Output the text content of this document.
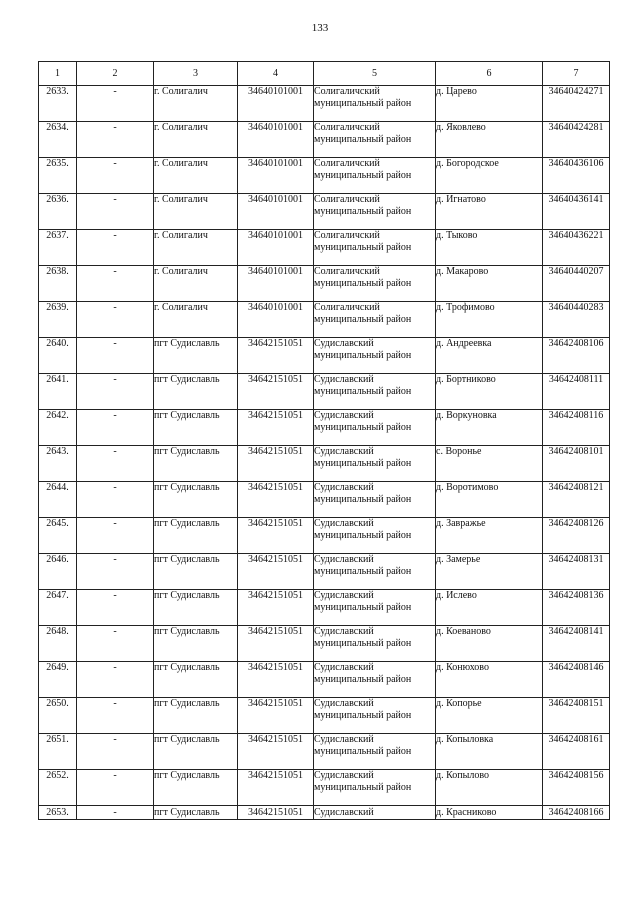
133
1	2	3	4	5	6	7
2633.	-	г. Солигалич	34640101001	Солигаличский муниципальный район	д. Царево	34640424271
2634.	-	г. Солигалич	34640101001	Солигаличский муниципальный район	д. Яковлево	34640424281
2635.	-	г. Солигалич	34640101001	Солигаличский муниципальный район	д. Богородское	34640436106
2636.	-	г. Солигалич	34640101001	Солигаличский муниципальный район	д. Игнатово	34640436141
2637.	-	г. Солигалич	34640101001	Солигаличский муниципальный район	д. Тыково	34640436221
2638.	-	г. Солигалич	34640101001	Солигаличский муниципальный район	д. Макарово	34640440207
2639.	-	г. Солигалич	34640101001	Солигаличский муниципальный район	д. Трофимово	34640440283
2640.	-	пгт Судиславль	34642151051	Судиславский муниципальный район	д. Андреевка	34642408106
2641.	-	пгт Судиславль	34642151051	Судиславский муниципальный район	д. Бортниково	34642408111
2642.	-	пгт Судиславль	34642151051	Судиславский муниципальный район	д. Воркуновка	34642408116
2643.	-	пгт Судиславль	34642151051	Судиславский муниципальный район	с. Воронье	34642408101
2644.	-	пгт Судиславль	34642151051	Судиславский муниципальный район	д. Воротимово	34642408121
2645.	-	пгт Судиславль	34642151051	Судиславский муниципальный район	д. Завражье	34642408126
2646.	-	пгт Судиславль	34642151051	Судиславский муниципальный район	д. Замерье	34642408131
2647.	-	пгт Судиславль	34642151051	Судиславский муниципальный район	д. Ислево	34642408136
2648.	-	пгт Судиславль	34642151051	Судиславский муниципальный район	д. Коеваново	34642408141
2649.	-	пгт Судиславль	34642151051	Судиславский муниципальный район	д. Конюхово	34642408146
2650.	-	пгт Судиславль	34642151051	Судиславский муниципальный район	д. Копорье	34642408151
2651.	-	пгт Судиславль	34642151051	Судиславский муниципальный район	д. Копыловка	34642408161
2652.	-	пгт Судиславль	34642151051	Судиславский муниципальный район	д. Копылово	34642408156
2653.	-	пгт Судиславль	34642151051	Судиславский	д. Красниково	34642408166
